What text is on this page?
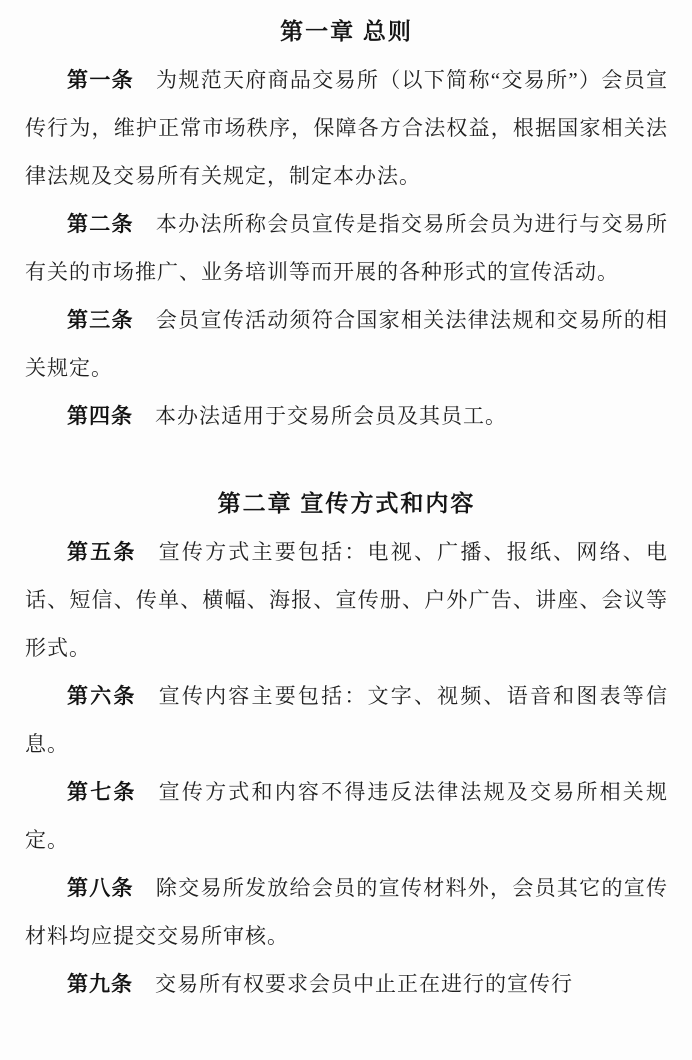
第一章 总则

第一条 为规范天府商品交易所（以下简称“交易所”）会员宣传行为，维护正常市场秩序，保障各方合法权益，根据国家相关法律法规及交易所有关规定，制定本办法。

第二条 本办法所称会员宣传是指交易所会员为进行与交易所有关的市场推广、业务培训等而开展的各种形式的宣传活动。

第三条 会员宣传活动须符合国家相关法律法规和交易所的相关规定。

第四条 本办法适用于交易所会员及其员工。

第二章 宣传方式和内容

第五条 宣传方式主要包括：电视、广播、报纸、网络、电话、短信、传单、横幅、海报、宣传册、户外广告、讲座、会议等形式。

第六条 宣传内容主要包括：文字、视频、语音和图表等信息。

第七条 宣传方式和内容不得违反法律法规及交易所相关规定。

第八条 除交易所发放给会员的宣传材料外，会员其它的宣传材料均应提交交易所审核。

第九条 交易所有权要求会员中止正在进行的宣传行
